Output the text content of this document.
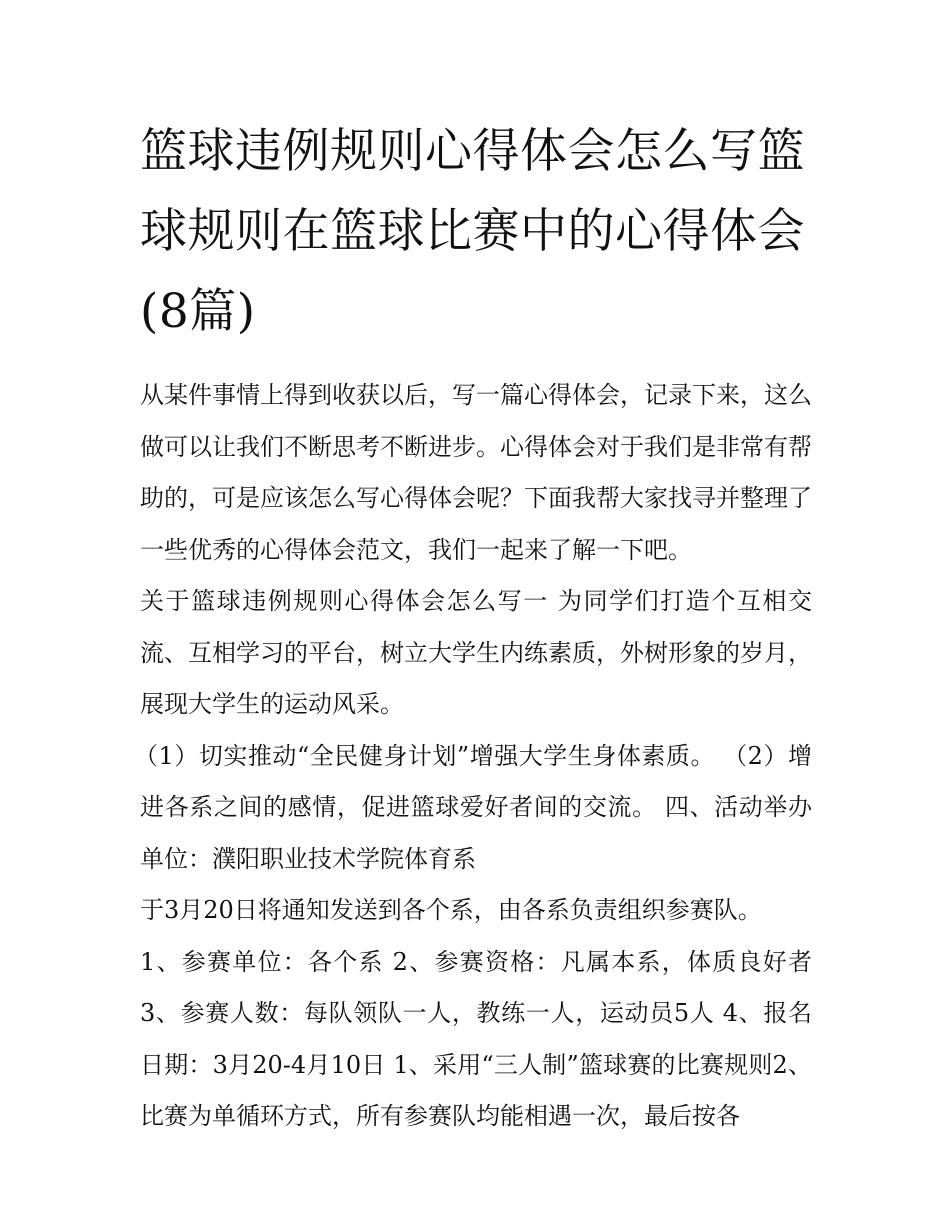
篮球违例规则心得体会怎么写篮球规则在篮球比赛中的心得体会(8篇)

从某件事情上得到收获以后，写一篇心得体会，记录下来，这么做可以让我们不断思考不断进步。心得体会对于我们是非常有帮助的，可是应该怎么写心得体会呢？下面我帮大家找寻并整理了一些优秀的心得体会范文，我们一起来了解一下吧。

关于篮球违例规则心得体会怎么写一 为同学们打造个互相交流、互相学习的平台，树立大学生内练素质，外树形象的岁月，展现大学生的运动风采。

（1）切实推动“全民健身计划”增强大学生身体素质。 （2）增进各系之间的感情，促进篮球爱好者间的交流。 四、活动举办单位：濮阳职业技术学院体育系

于3月20日将通知发送到各个系，由各系负责组织参赛队。

1、参赛单位：各个系 2、参赛资格：凡属本系，体质良好者3、参赛人数：每队领队一人，教练一人，运动员5人 4、报名日期：3月20-4月10日 1、采用“三人制”篮球赛的比赛规则2、比赛为单循环方式，所有参赛队均能相遇一次，最后按各
